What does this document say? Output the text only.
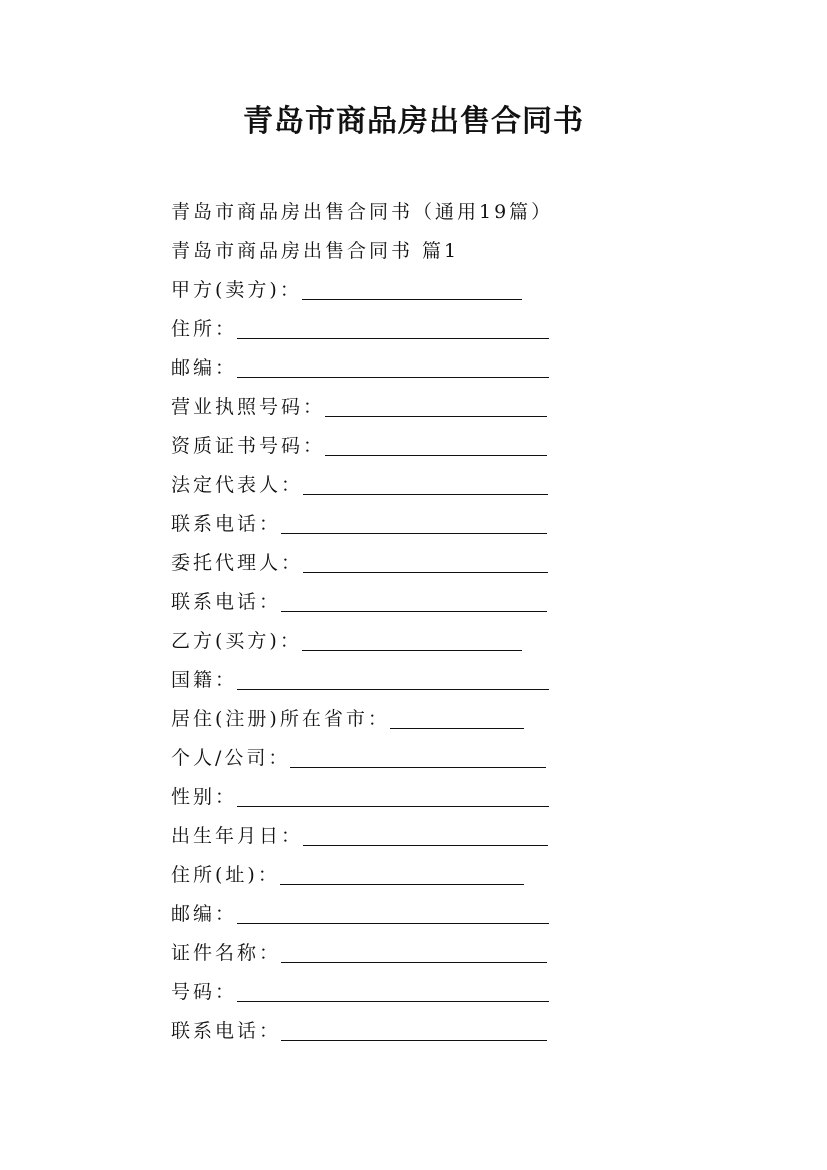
青岛市商品房出售合同书
青岛市商品房出售合同书（通用19篇）
青岛市商品房出售合同书 篇1
甲方(卖方)：
住所：
邮编：
营业执照号码：
资质证书号码：
法定代表人：
联系电话：
委托代理人：
联系电话：
乙方(买方)：
国籍：
居住(注册)所在省市：
个人/公司：
性别：
出生年月日：
住所(址)：
邮编：
证件名称：
号码：
联系电话：
